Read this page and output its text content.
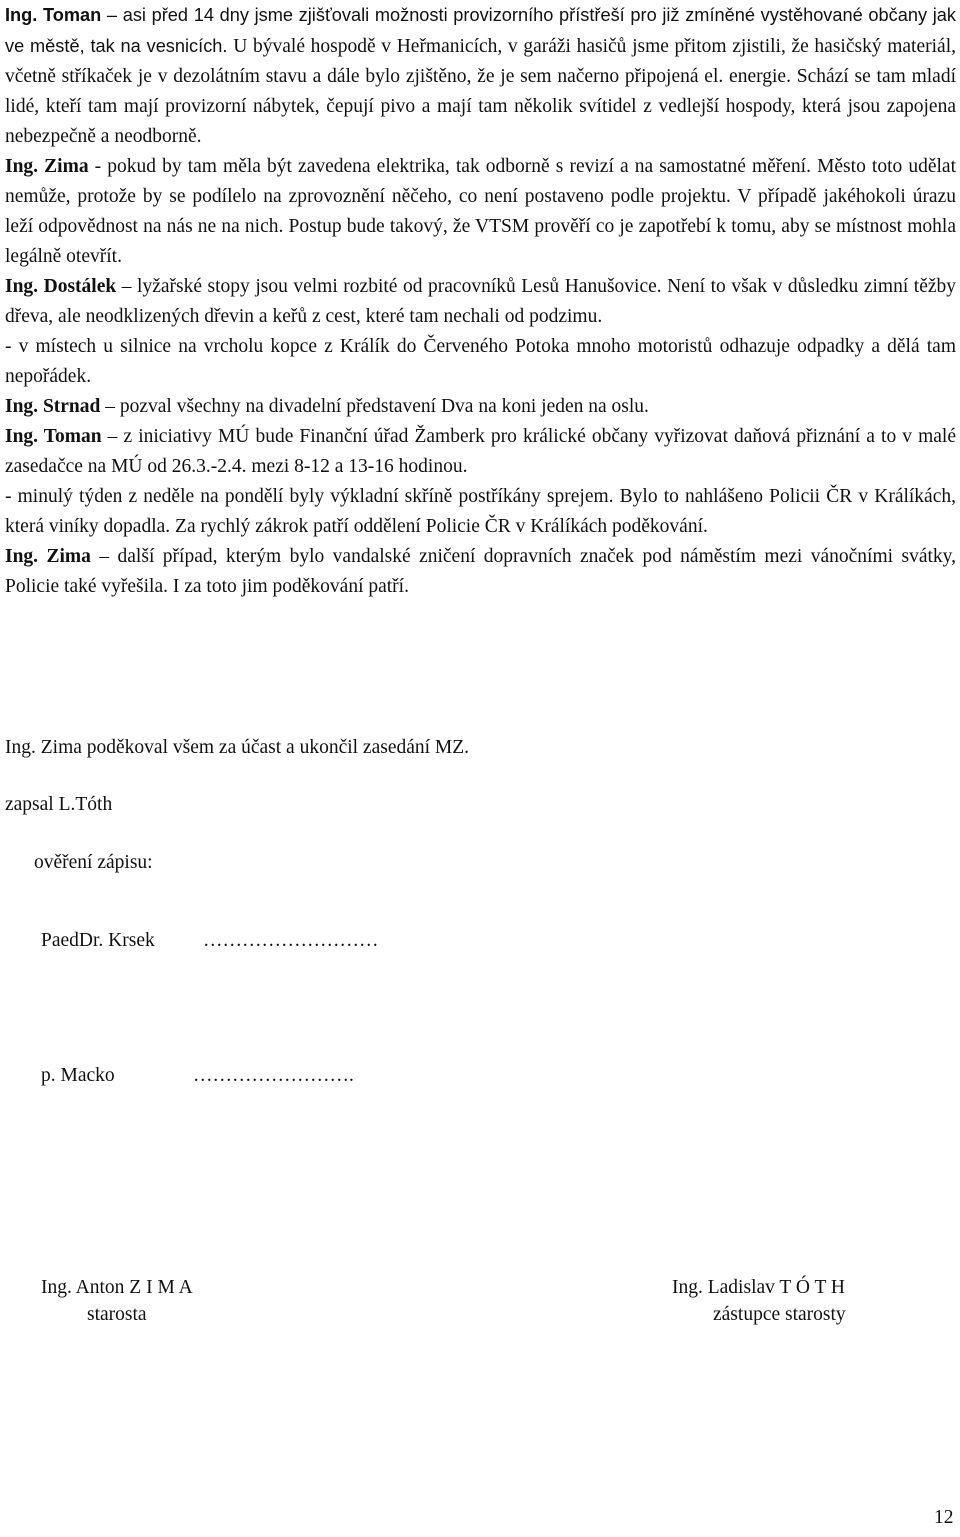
Ing. Toman – asi před 14 dny jsme zjišťovali možnosti provizorního přístřeší pro již zmíněné vystěhované občany jak ve městě, tak na vesnicích. U bývalé hospodě v Heřmanicích, v garáži hasičů jsme přitom zjistili, že hasičský materiál, včetně stříkaček je v dezolátním stavu a dále bylo zjištěno, že je sem načerno připojená el. energie. Schází se tam mladí lidé, kteří tam mají provizorní nábytek, čepují pivo a mají tam několik svítidel z vedlejší hospody, která jsou zapojena nebezpečně a neodborně.

Ing. Zima - pokud by tam měla být zavedena elektrika, tak odborně s revizí a na samostatné měření. Město toto udělat nemůže, protože by se podílelo na zprovoznění něčeho, co není postaveno podle projektu. V případě jakéhokoli úrazu leží odpovědnost na nás ne na nich. Postup bude takový, že VTSM prověří co je zapotřebí k tomu, aby se místnost mohla legálně otevřít.

Ing. Dostálek – lyžařské stopy jsou velmi rozbité od pracovníků Lesů Hanušovice. Není to však v důsledku zimní těžby dřeva, ale neodklizených dřevin a keřů z cest, které tam nechali od podzimu.

- v místech u silnice na vrcholu kopce z Králík do Červeného Potoka mnoho motoristů odhazuje odpadky a dělá tam nepořádek.

Ing. Strnad – pozval všechny na divadelní představení Dva na koni jeden na oslu.

Ing. Toman – z iniciativy MÚ bude Finanční úřad Žamberk pro králické občany vyřizovat daňová přiznání a to v malé zasedačce na MÚ od 26.3.-2.4. mezi 8-12 a 13-16 hodinou.

- minulý týden z neděle na pondělí byly výkladní skříně postříkány sprejem. Bylo to nahlášeno Policii ČR v Králíkách, která viníky dopadla. Za rychlý zákrok patří oddělení Policie ČR v Králíkách poděkování.

Ing. Zima – další případ, kterým bylo vandalské zničení dopravních značek pod náměstím mezi vánočními svátky, Policie také vyřešila. I za toto jim poděkování patří.

Ing. Zima poděkoval všem za účast a ukončil zasedání MZ.
zapsal L.Tóth
ověření zápisu:
PaedDr. Krsek ………………………
p. Macko	…………………….
Ing. Anton Z I M A
starosta
Ing. Ladislav T Ó T H
zástupce starosty
12
